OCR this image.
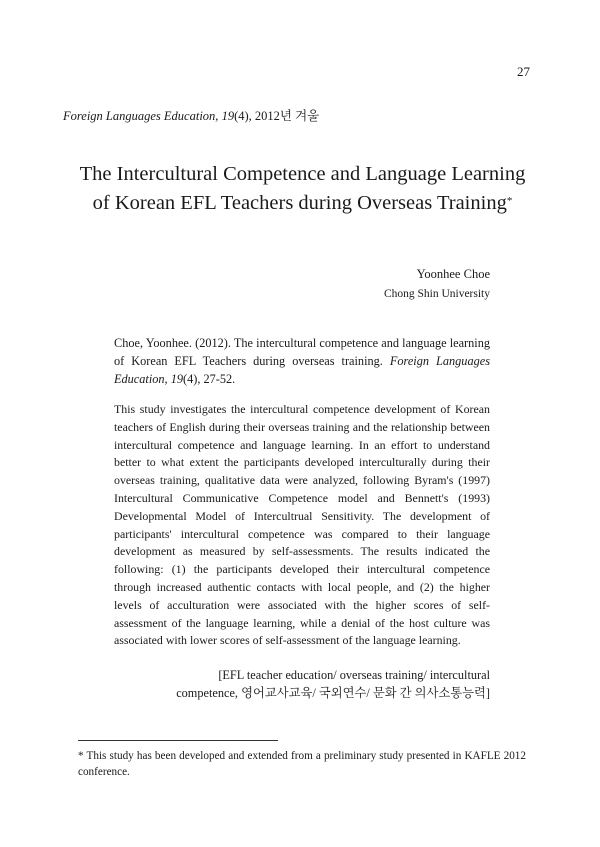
27
Foreign Languages Education, 19(4), 2012년 겨울
The Intercultural Competence and Language Learning
of Korean EFL Teachers during Overseas Training*
Yoonhee Choe
Chong Shin University
Choe, Yoonhee. (2012). The intercultural competence and language learning of Korean EFL Teachers during overseas training. Foreign Languages Education, 19(4), 27-52.
This study investigates the intercultural competence development of Korean teachers of English during their overseas training and the relationship between intercultural competence and language learning. In an effort to understand better to what extent the participants developed interculturally during their overseas training, qualitative data were analyzed, following Byram's (1997) Intercultural Communicative Competence model and Bennett's (1993) Developmental Model of Intercultrual Sensitivity. The development of participants' intercultural competence was compared to their language development as measured by self-assessments. The results indicated the following: (1) the participants developed their intercultural competence through increased authentic contacts with local people, and (2) the higher levels of acculturation were associated with the higher scores of self-assessment of the language learning, while a denial of the host culture was associated with lower scores of self-assessment of the language learning.
[EFL teacher education/ overseas training/ intercultural
competence, 영어교사교육/ 국외연수/ 문화 간 의사소통능력]
* This study has been developed and extended from a preliminary study presented in KAFLE 2012 conference.
